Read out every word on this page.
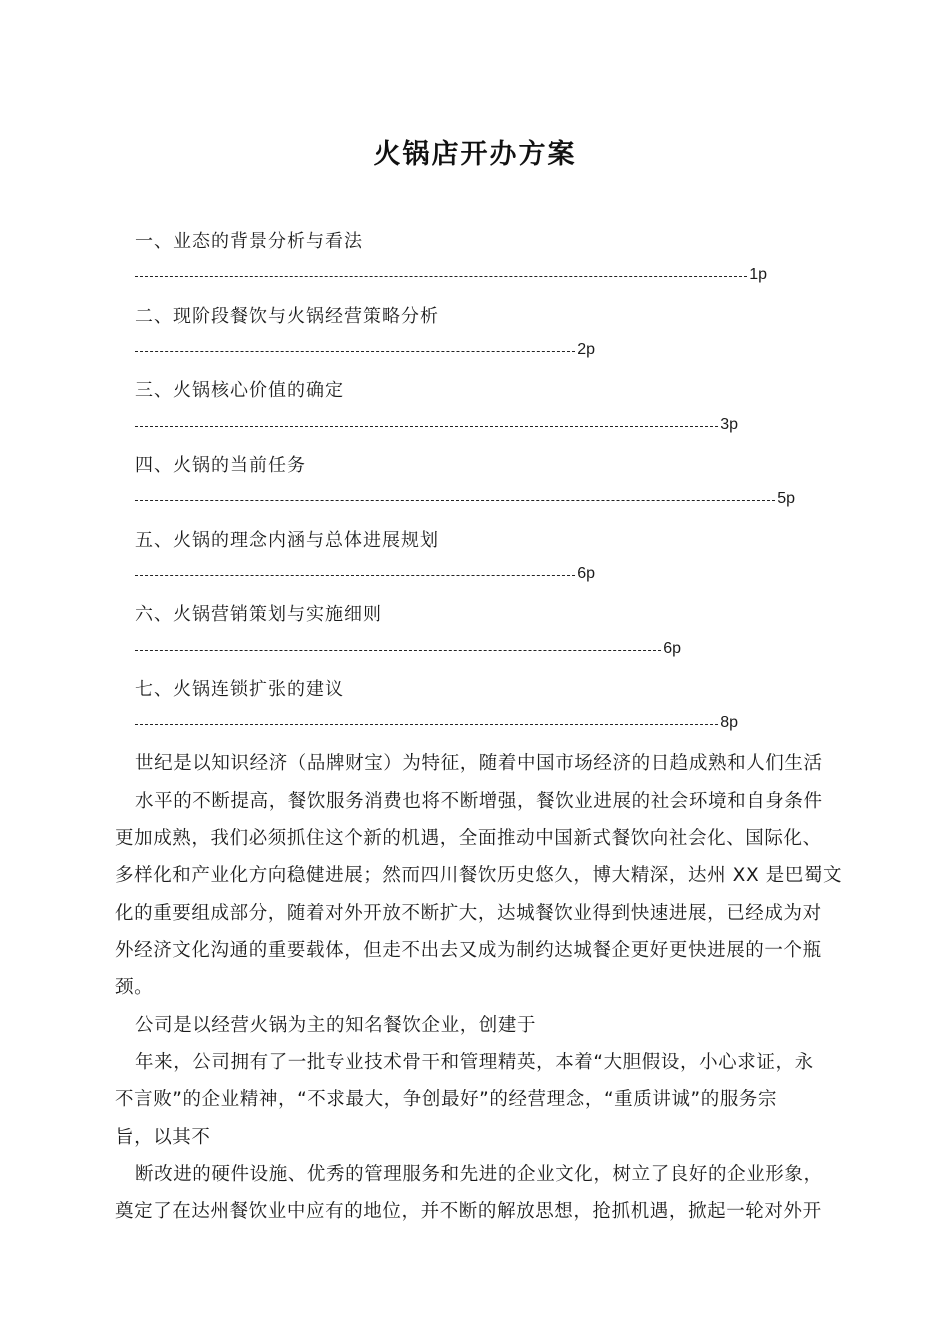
火锅店开办方案
一、业态的背景分析与看法
1p
二、现阶段餐饮与火锅经营策略分析
2p
三、火锅核心价值的确定
3p
四、火锅的当前任务
5p
五、火锅的理念内涵与总体进展规划
6p
六、火锅营销策划与实施细则
6p
七、火锅连锁扩张的建议
8p
世纪是以知识经济（品牌财宝）为特征，随着中国市场经济的日趋成熟和人们生活
水平的不断提高，餐饮服务消费也将不断增强，餐饮业进展的社会环境和自身条件
更加成熟，我们必须抓住这个新的机遇，全面推动中国新式餐饮向社会化、国际化、
多样化和产业化方向稳健进展；然而四川餐饮历史悠久，博大精深，达州 XX 是巴蜀文
化的重要组成部分，随着对外开放不断扩大，达城餐饮业得到快速进展，已经成为对
外经济文化沟通的重要载体，但走不出去又成为制约达城餐企更好更快进展的一个瓶
颈。
公司是以经营火锅为主的知名餐饮企业，创建于
年来，公司拥有了一批专业技术骨干和管理精英，本着“大胆假设，小心求证，永
不言败”的企业精神，“不求最大，争创最好”的经营理念，“重质讲诚”的服务宗
旨，以其不
断改进的硬件设施、优秀的管理服务和先进的企业文化，树立了良好的企业形象，
奠定了在达州餐饮业中应有的地位，并不断的解放思想，抢抓机遇，掀起一轮对外开
